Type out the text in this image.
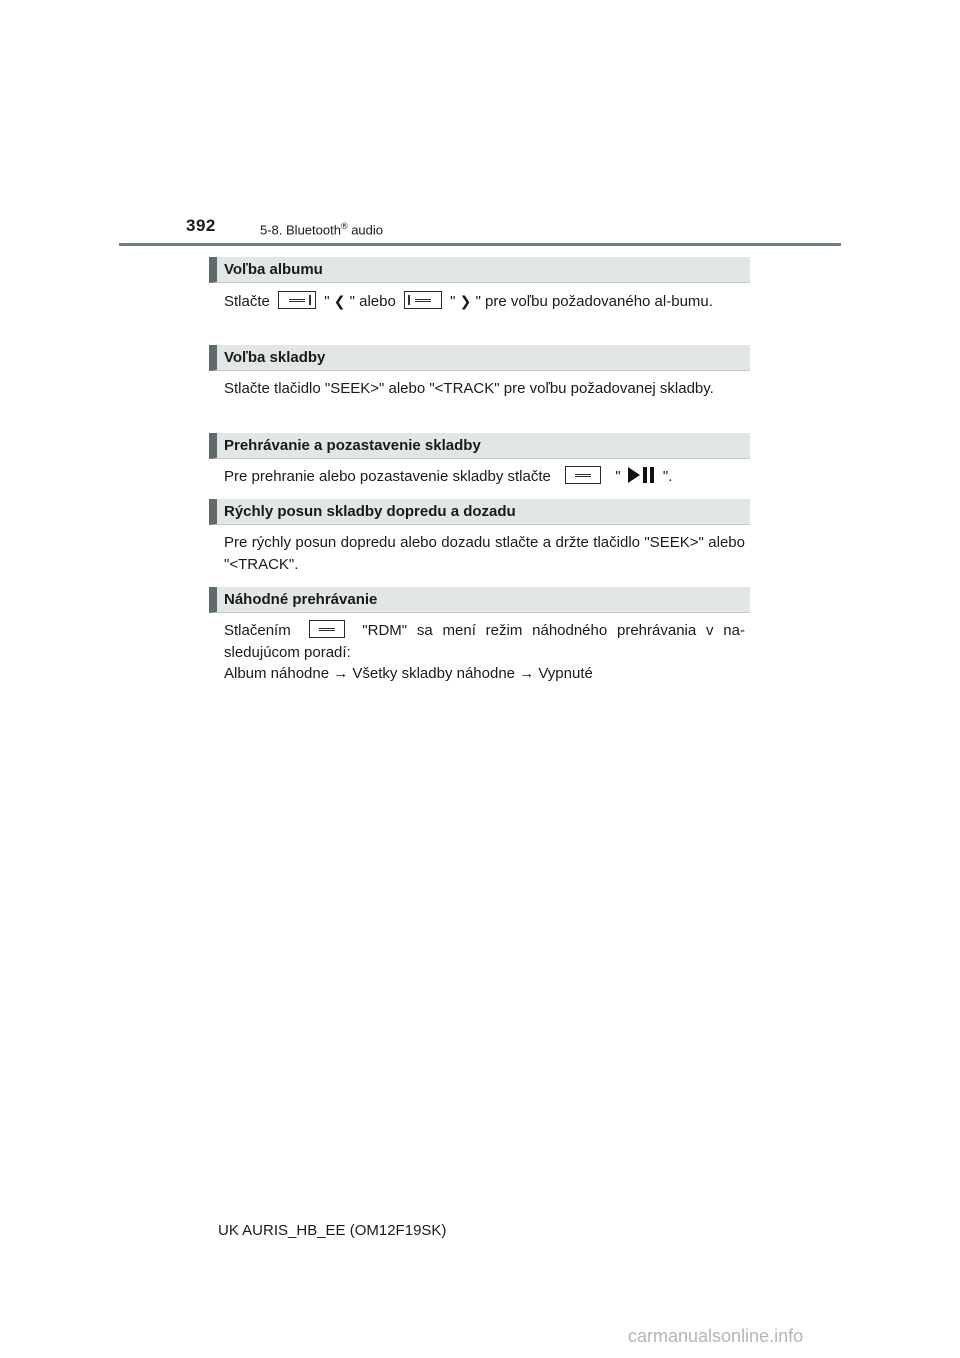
392	5-8. Bluetooth® audio
Voľba albumu
Stlačte	" ❮ " alebo	" ❯ " pre voľbu požadovaného al-bumu.
Voľba skladby
Stlačte tlačidlo "SEEK>" alebo "<TRACK" pre voľbu požadovanej skladby.
Prehrávanie a pozastavenie skladby
Pre prehranie alebo pozastavenie skladby stlačte	"	".
Rýchly posun skladby dopredu a dozadu
Pre rýchly posun dopredu alebo dozadu stlačte a držte tlačidlo "SEEK>" alebo "<TRACK".
Náhodné prehrávanie
Stlačením	"RDM" sa mení režim náhodného prehrávania v na-sledujúcom poradí:
Album náhodne → Všetky skladby náhodne → Vypnuté
UK AURIS_HB_EE (OM12F19SK)
carmanualsonline.info
